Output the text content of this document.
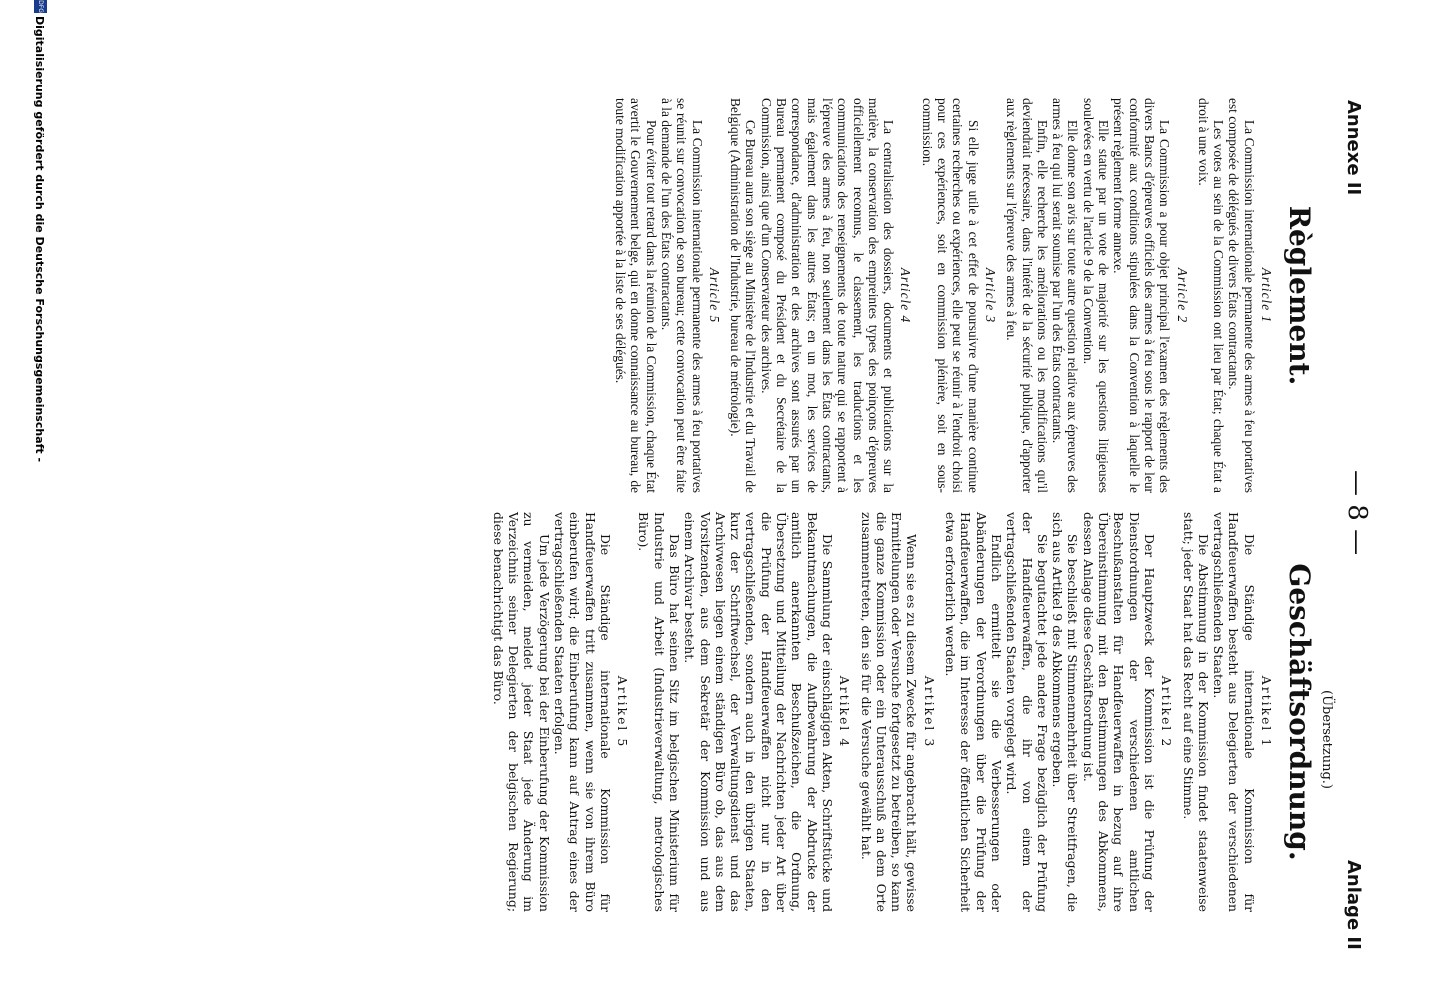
Annexe II
— 8 —
Anlage II
(Übersetzung.)
Règlement.
Article 1

La Commission internationale permanente des armes à feu portatives est composée de délégués de divers États contractants.

Les votes au sein de la Commission ont lieu par État; chaque État a droit à une voix.

Article 2

La Commission a pour objet principal l'examen des règlements des divers Bancs d'épreuves officiels des armes à feu sous le rapport de leur conformité aux conditions stipulées dans la Convention à laquelle le présent règlement forme annexe.

Elle statue par un vote de majorité sur les questions litigieuses soulevées en vertu de l'article 9 de la Convention.

Elle donne son avis sur toute autre question relative aux épreuves des armes à feu qui lui serait soumise par l'un des États contractants.

Enfin, elle recherche les améliorations ou les modifications qu'il deviendrait nécessaire, dans l'intérêt de la sécurité publique, d'apporter aux règlements sur l'épreuve des armes à feu.

Article 3

Si elle juge utile à cet effet de poursuivre d'une manière continue certaines recherches ou expériences, elle peut se réunir à l'endroit choisi pour ces expériences, soit en commission plénière, soit en sous-commission.

Article 4

La centralisation des dossiers, documents et publications sur la matière, la conservation des empreintes types des poinçons d'épreuves officiellement reconnus, le classement, les traductions et les communications des renseignements de toute nature qui se rapportent à l'épreuve des armes à feu, non seulement dans les États contractants, mais également dans les autres États; en un mot, les services de correspondance, d'administration et des archives sont assurés par un Bureau permanent composé du Président et du Secrétaire de la Commission, ainsi que d'un Conservateur des archives.

Ce Bureau aura son siège au Ministère de l'Industrie et du Travail de Belgique (Administration de l'Industrie, bureau de métrologie).

Article 5

La Commission internationale permanente des armes à feu portatives se réunit sur convocation de son bureau; cette convocation peut être faite à la demande de l'un des États contractants.

Pour éviter tout retard dans la réunion de la Commission, chaque État avertit le Gouvernement belge, qui en donne connaissance au bureau, de toute modification apportée à la liste de ses délégués.

Geschäftsordnung.
Artikel 1

Die Ständige internationale Kommission für Handfeuerwaffen besteht aus Delegierten der verschiedenen vertragschließenden Staaten.

Die Abstimmung in der Kommission findet staatenweise statt; jeder Staat hat das Recht auf eine Stimme.

Artikel 2

Der Hauptzweck der Kommission ist die Prüfung der Dienstordnungen der verschiedenen amtlichen Beschußanstalten für Handfeuerwaffen in bezug auf ihre Übereinstimmung mit den Bestimmungen des Abkommens, dessen Anlage diese Geschäftsordnung ist.

Sie beschließt mit Stimmenmehrheit über Streitfragen, die sich aus Artikel 9 des Abkommens ergeben.

Sie begutachtet jede andere Frage bezüglich der Prüfung der Handfeuerwaffen, die ihr von einem der vertragschließenden Staaten vorgelegt wird.

Endlich ermittelt sie die Verbesserungen oder Abänderungen der Verordnungen über die Prüfung der Handfeuerwaffen, die im Interesse der öffentlichen Sicherheit etwa erforderlich werden.

Artikel 3

Wenn sie es zu diesem Zwecke für angebracht hält, gewisse Ermittelungen oder Versuche fortgesetzt zu betreiben, so kann die ganze Kommission oder ein Unterausschuß an dem Orte zusammentreten, den sie für die Versuche gewählt hat.

Artikel 4

Die Sammlung der einschlägigen Akten, Schriftstücke und Bekanntmachungen, die Aufbewahrung der Abdrucke der amtlich anerkannten Beschußzeichen, die Ordnung, Übersetzung und Mitteilung der Nachrichten jeder Art über die Prüfung der Handfeuerwaffen nicht nur in den vertragschließenden, sondern auch in den übrigen Staaten, kurz der Schriftwechsel, der Verwaltungsdienst und das Archivwesen liegen einem ständigen Büro ob, das aus dem Vorsitzenden, aus dem Sekretär der Kommission und aus einem Archivar besteht.

Das Büro hat seinen Sitz im belgischen Ministerium für Industrie und Arbeit (Industrieverwaltung, metrologisches Büro).

Artikel 5

Die Ständige internationale Kommission für Handfeuerwaffen tritt zusammen, wenn sie von ihrem Büro einberufen wird; die Einberufung kann auf Antrag eines der vertragschließenden Staaten erfolgen.

Um jede Verzögerung bei der Einberufung der Kommission zu vermeiden, meldet jeder Staat jede Änderung im Verzeichnis seiner Delegierten der belgischen Regierung; diese benachrichtigt das Büro.

DFG
Digitalisierung gefördert durch die Deutsche Forschungsgemeinschaft -
